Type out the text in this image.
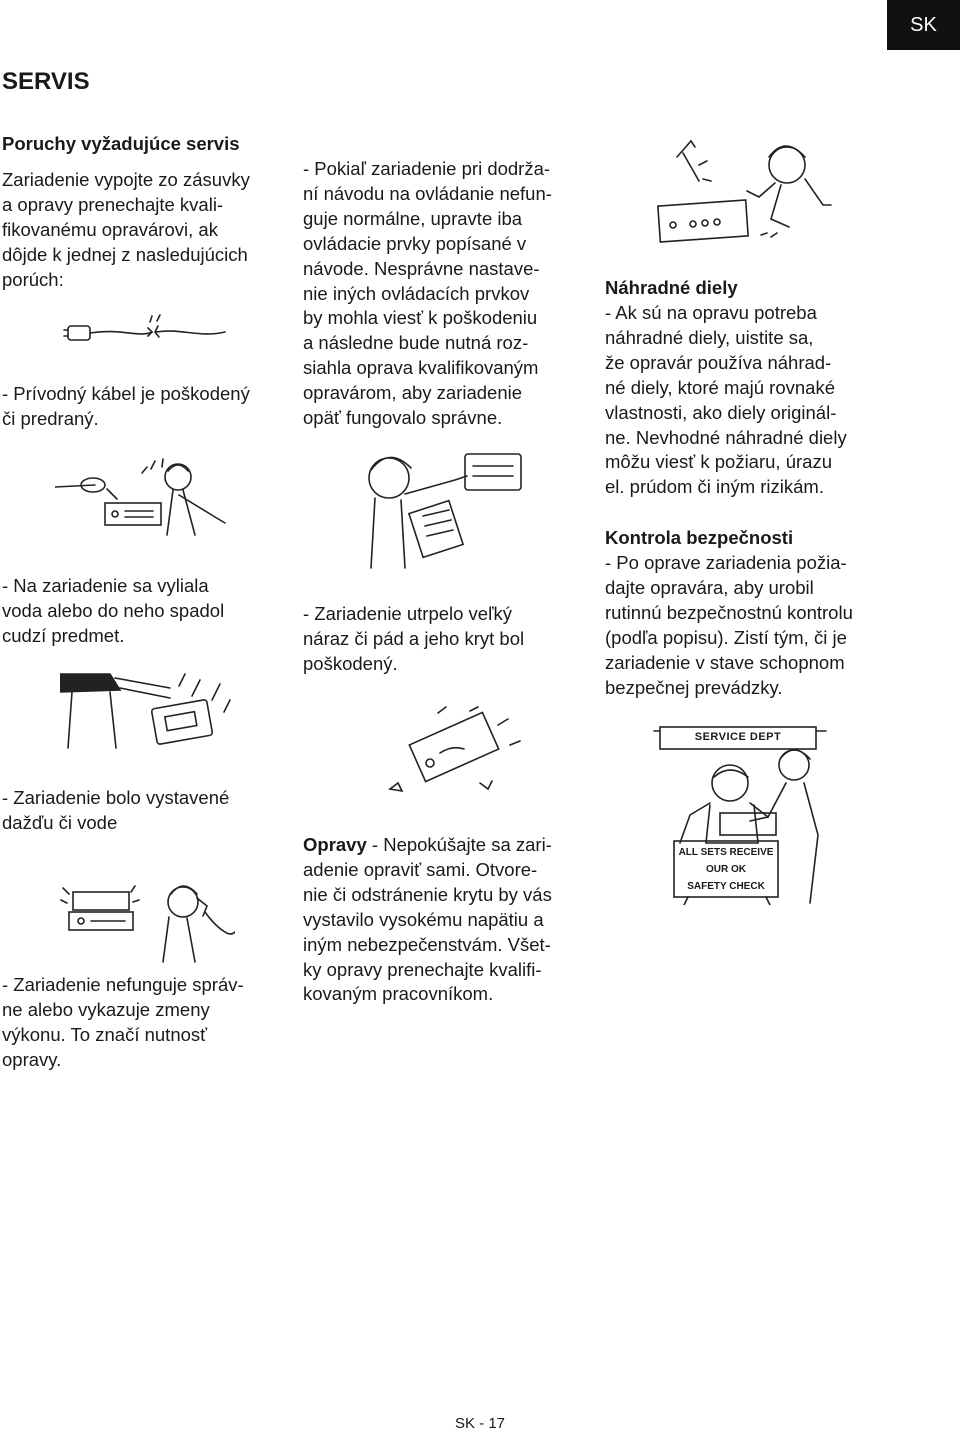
SK
SERVIS
Poruchy vyžadujúce servis
Zariadenie vypojte zo zásuvky
a opravy prenechajte kvali-
fikovanému opravárovi, ak
dôjde k jednej z nasledujúcich
porúch:
- Prívodný kábel je poškodený
či predraný.
- Na zariadenie sa vyliala
voda alebo do neho spadol
cudzí predmet.
- Zariadenie bolo vystavené
dažďu či vode
- Zariadenie nefunguje správ-
ne alebo vykazuje zmeny
výkonu. To značí nutnosť
opravy.
- Pokiaľ zariadenie pri dodržа-
ní návodu na ovládanie nefun-
guje normálne, upravte iba
ovládacie prvky popísané v
návode. Nesprávne nastave-
nie iných ovládacích prvkov
by mohla viesť k poškodeniu
a následne bude nutná roz-
siahla oprava kvalifikovaným
opravárom, aby zariadenie
opäť fungovalo správne.
- Zariadenie utrpelo veľký
náraz či pád a jeho kryt bol
poškodený.
Opravy - Nepokúšajte sa zari-
adenie opraviť sami. Otvore-
nie či odstránenie krytu by vás
vystavilo vysokému napätiu a
iným nebezpečenstvám. Všet-
ky opravy prenechajte kvalifi-
kovaným pracovníkom.
Náhradné diely
- Ak sú na opravu potreba
náhradné diely, uistite sa,
že opravár používa náhrad-
né diely, ktoré majú rovnaké
vlastnosti, ako diely originál-
ne. Nevhodné náhradné diely
môžu viesť k požiaru, úrazu
el. prúdom či iným rizikám.
Kontrola bezpečnosti
- Po oprave zariadenia požia-
dajte opravára, aby urobil
rutinnú bezpečnostnú kontrolu
(podľa popisu). Zistí tým, či je
zariadenie v stave schopnom
bezpečnej prevádzky.
SERVICE DEPT
ALL SETS RECEIVE
OUR OK
SAFETY CHECK
SK - 17
